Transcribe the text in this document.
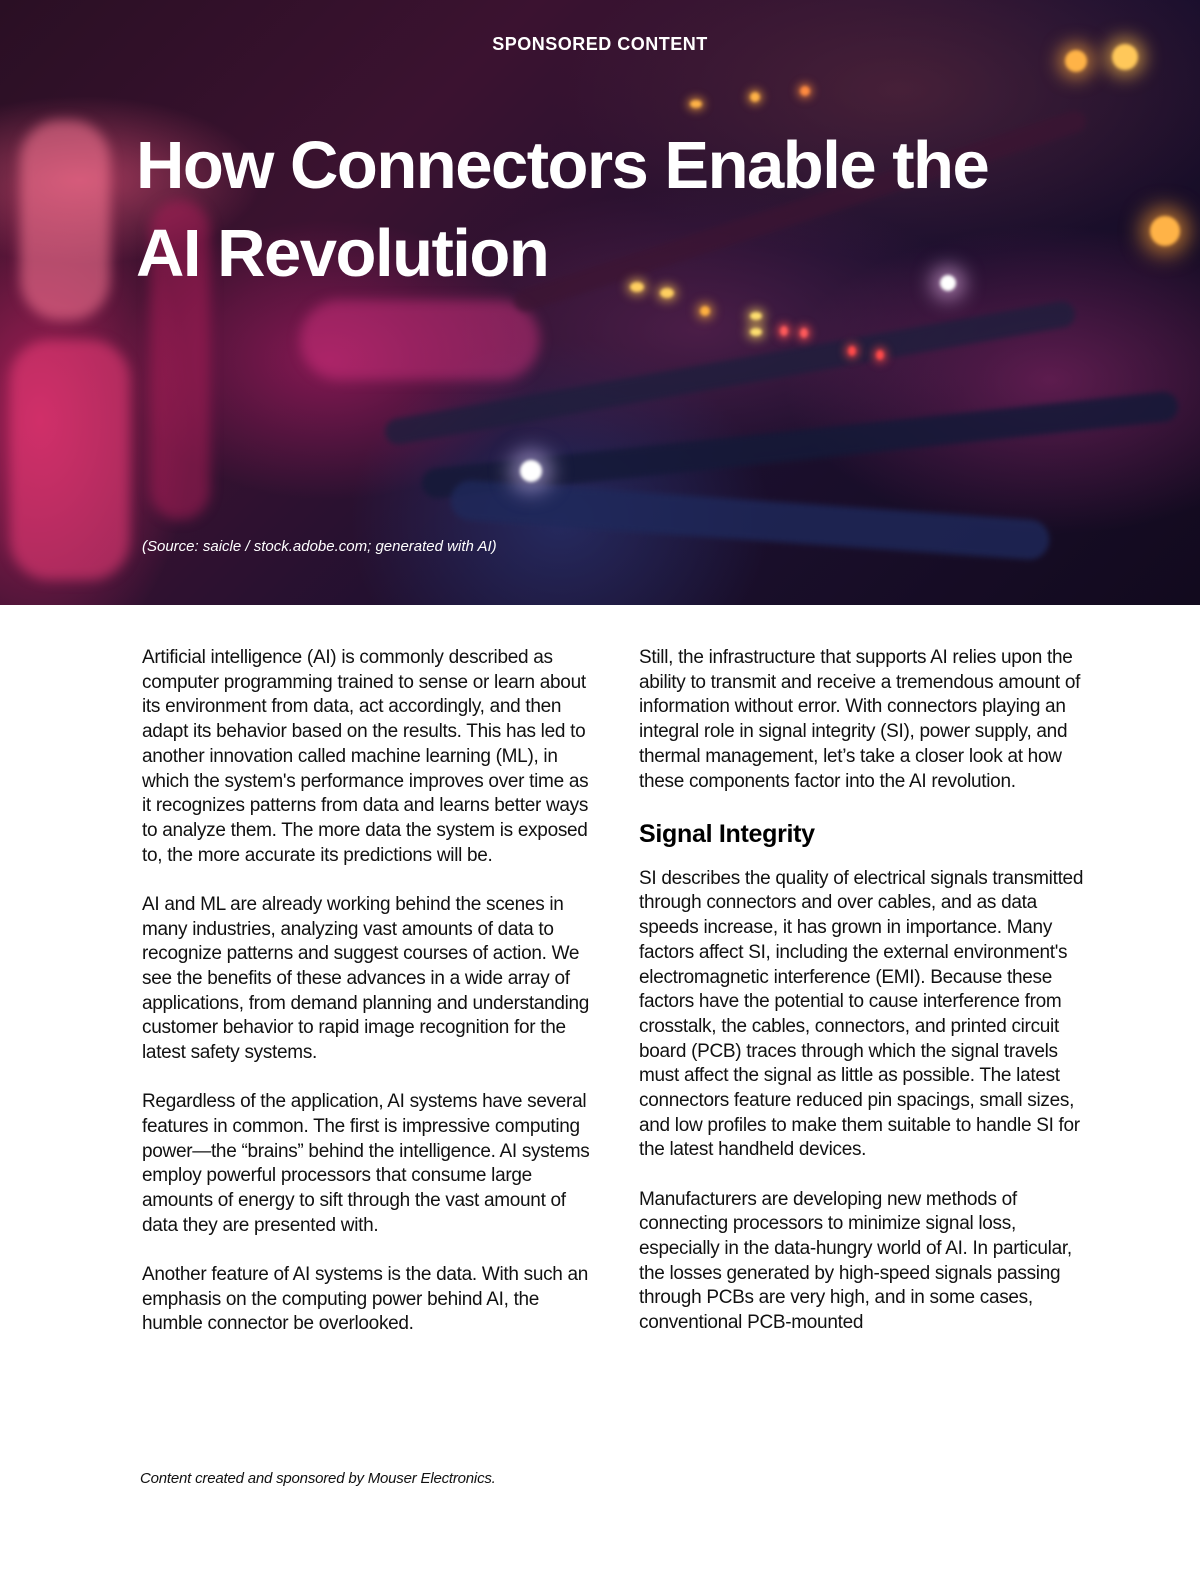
SPONSORED CONTENT
How Connectors Enable the AI Revolution
(Source: saicle / stock.adobe.com; generated with AI)

Artificial intelligence (AI) is commonly described as computer programming trained to sense or learn about its environment from data, act accordingly, and then adapt its behavior based on the results. This has led to another innovation called machine learning (ML), in which the system's performance improves over time as it recognizes patterns from data and learns better ways to analyze them. The more data the system is exposed to, the more accurate its predictions will be.

AI and ML are already working behind the scenes in many industries, analyzing vast amounts of data to recognize patterns and suggest courses of action. We see the benefits of these advances in a wide array of applications, from demand planning and understanding customer behavior to rapid image recognition for the latest safety systems.

Regardless of the application, AI systems have several features in common. The first is impressive computing power—the “brains” behind the intelligence. AI systems employ powerful processors that consume large amounts of energy to sift through the vast amount of data they are presented with.

Another feature of AI systems is the data. With such an emphasis on the computing power behind AI, the humble connector be overlooked.

Still, the infrastructure that supports AI relies upon the ability to transmit and receive a tremendous amount of information without error. With connectors playing an integral role in signal integrity (SI), power supply, and thermal management, let’s take a closer look at how these components factor into the AI revolution.

Signal Integrity

SI describes the quality of electrical signals transmitted through connectors and over cables, and as data speeds increase, it has grown in importance. Many factors affect SI, including the external environment's electromagnetic interference (EMI). Because these factors have the potential to cause interference from crosstalk, the cables, connectors, and printed circuit board (PCB) traces through which the signal travels must affect the signal as little as possible. The latest connectors feature reduced pin spacings, small sizes, and low profiles to make them suitable to handle SI for the latest handheld devices.

Manufacturers are developing new methods of connecting processors to minimize signal loss, especially in the data-hungry world of AI. In particular, the losses generated by high-speed signals passing through PCBs are very high, and in some cases, conventional PCB-mounted

Content created and sponsored by Mouser Electronics.
